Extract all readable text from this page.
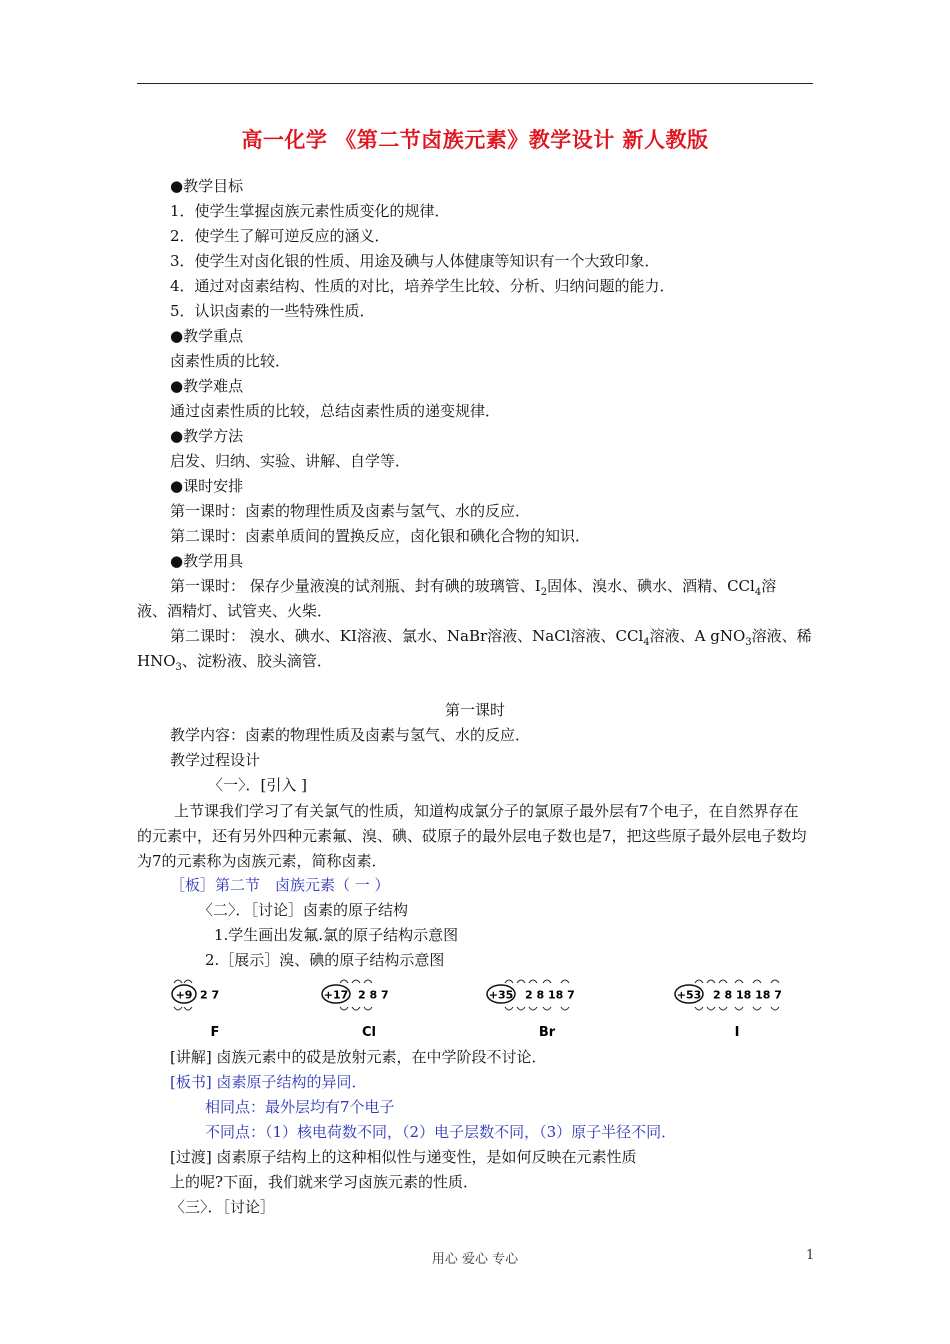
高一化学 《第二节卤族元素》教学设计 新人教版
●教学目标
1．使学生掌握卤族元素性质变化的规律．
2．使学生了解可逆反应的涵义．
3．使学生对卤化银的性质、用途及碘与人体健康等知识有一个大致印象．
4．通过对卤素结构、性质的对比，培养学生比较、分析、归纳问题的能力．
5．认识卤素的一些特殊性质．
●教学重点
卤素性质的比较．
●教学难点
通过卤素性质的比较，总结卤素性质的递变规律．
●教学方法
启发、归纳、实验、讲解、自学等．
●课时安排
第一课时：卤素的物理性质及卤素与氢气、水的反应．
第二课时：卤素单质间的置换反应，卤化银和碘化合物的知识．
●教学用具
第一课时： 保存少量液溴的试剂瓶、封有碘的玻璃管、$I_2$固体、溴水、碘水、酒精、CCl$_4$溶
液、酒精灯、试管夹、火柴．
第二课时： 溴水、碘水、KI溶液、氯水、NaBr溶液、NaCl溶液、CCl$_4$溶液、A gNO$_3$溶液、稀
$HNO_3$、淀粉液、胶头滴管．
第一课时
教学内容：卤素的物理性质及卤素与氢气、水的反应．
教学过程设计
〈一〉．[引入 ]

上节课我们学习了有关氯气的性质，知道构成氯分子的氯原子最外层有7个电子，在自然界存在的元素中，还有另外四种元素氟、溴、碘、砹原子的最外层电子数也是7，把这些原子最外层电子数均为7的元素称为卤族元素，简称卤素．

［板］第二节　卤族元素（ 一 ）
〈二〉．［讨论］卤素的原子结构
1.学生画出发氟.氯的原子结构示意图
2.［展示］溴、碘的原子结构示意图
+9 2 7
F
+17 2 8 7
Cl
+35 2 8 18 7
Br
+53 2 8 18 18 7
I
[讲解] 卤族元素中的砹是放射元素，在中学阶段不讨论．
[板书] 卤素原子结构的异同．
相同点：最外层均有7个电子
不同点：（1）核电荷数不同，（2）电子层数不同，（3）原子半径不同．
[过渡] 卤素原子结构上的这种相似性与递变性，是如何反映在元素性质
上的呢?下面，我们就来学习卤族元素的性质．
〈三〉．［讨论］
用心 爱心 专心	1
